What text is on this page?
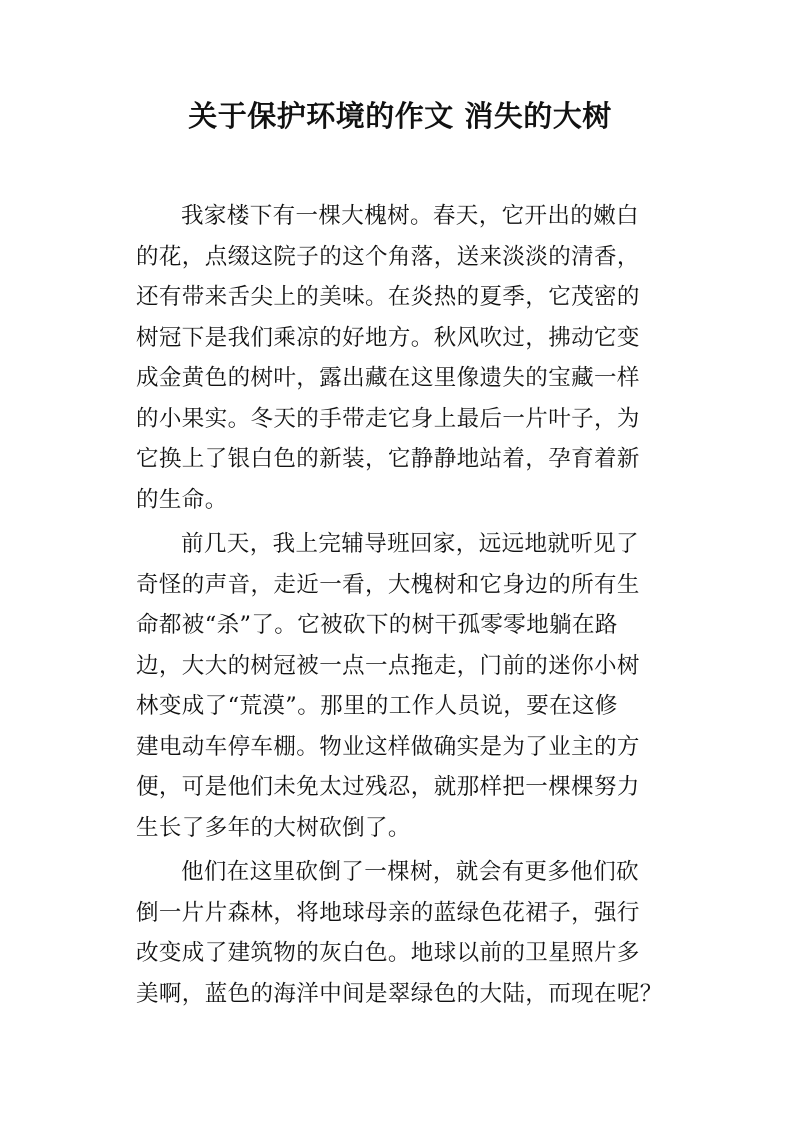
关于保护环境的作文 消失的大树

我家楼下有一棵大槐树。春天，它开出的嫩白
的花，点缀这院子的这个角落，送来淡淡的清香，
还有带来舌尖上的美味。在炎热的夏季，它茂密的
树冠下是我们乘凉的好地方。秋风吹过，拂动它变
成金黄色的树叶，露出藏在这里像遗失的宝藏一样
的小果实。冬天的手带走它身上最后一片叶子，为
它换上了银白色的新装，它静静地站着，孕育着新
的生命。

前几天，我上完辅导班回家，远远地就听见了
奇怪的声音，走近一看，大槐树和它身边的所有生
命都被“杀”了。它被砍下的树干孤零零地躺在路
边，大大的树冠被一点一点拖走，门前的迷你小树
林变成了“荒漠”。那里的工作人员说，要在这修
建电动车停车棚。物业这样做确实是为了业主的方
便，可是他们未免太过残忍，就那样把一棵棵努力
生长了多年的大树砍倒了。

他们在这里砍倒了一棵树，就会有更多他们砍
倒一片片森林，将地球母亲的蓝绿色花裙子，强行
改变成了建筑物的灰白色。地球以前的卫星照片多
美啊，蓝色的海洋中间是翠绿色的大陆，而现在呢？
